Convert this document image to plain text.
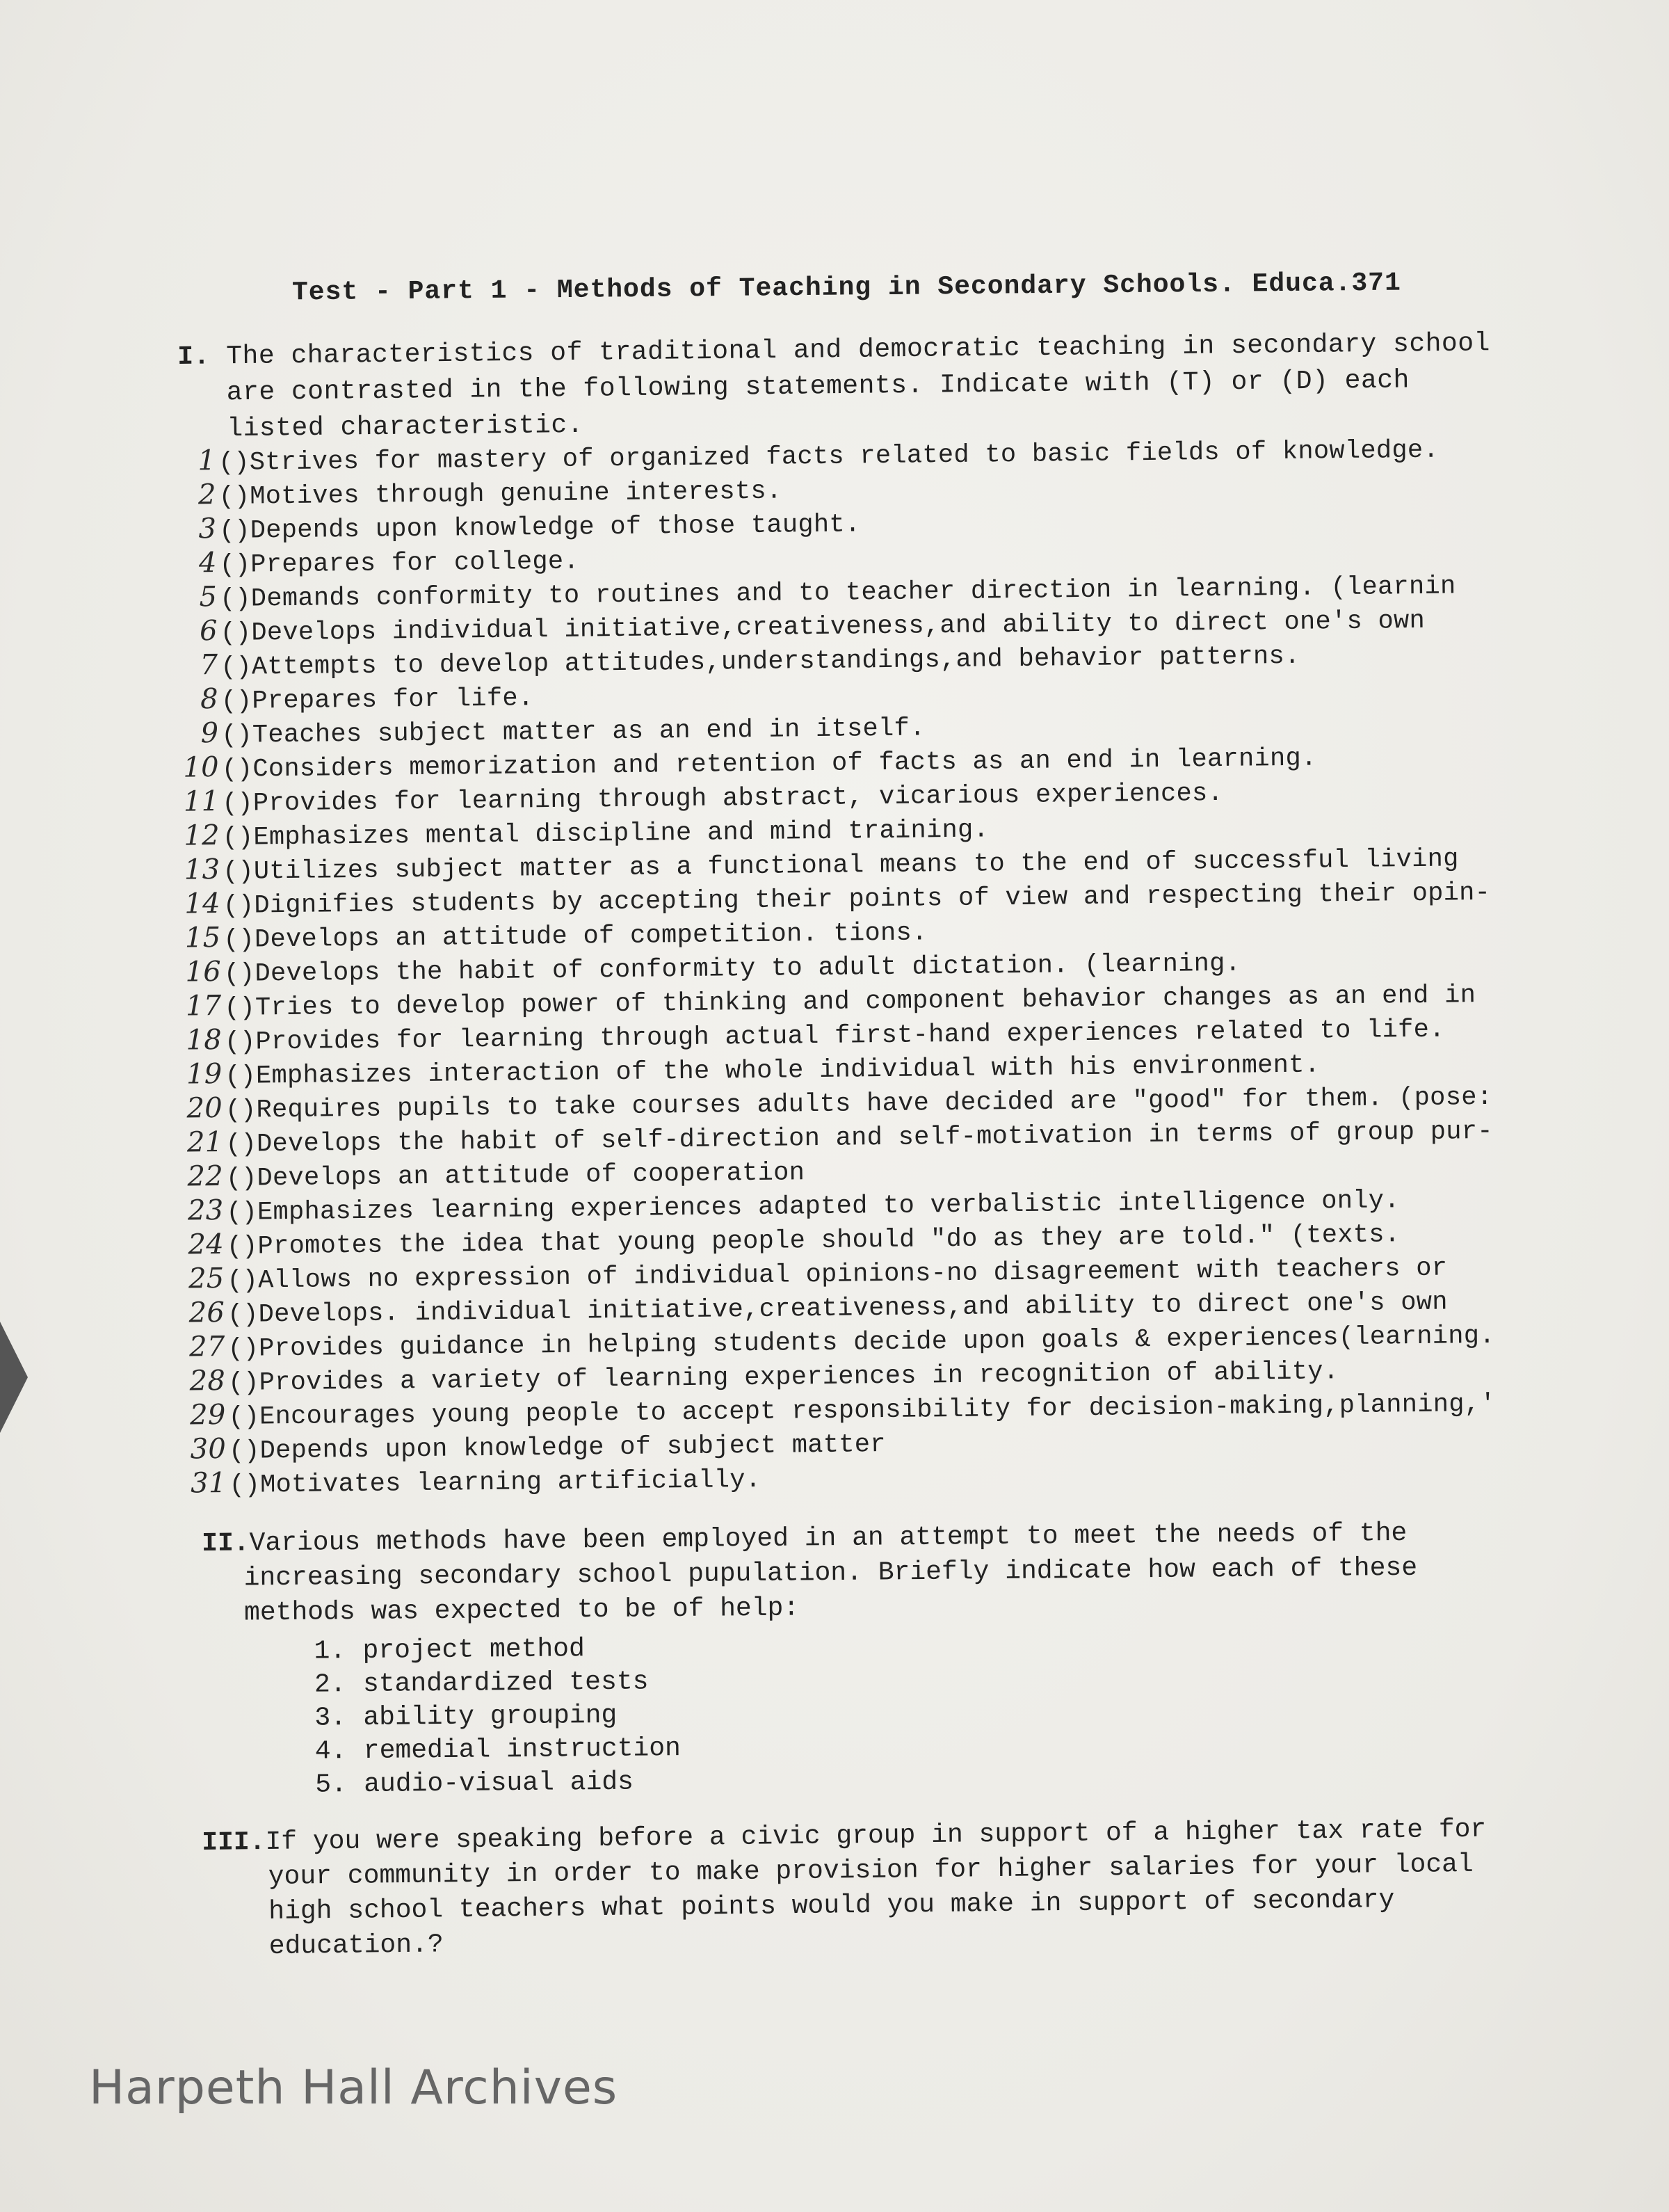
Test - Part 1 - Methods of Teaching in Secondary Schools. Educa.371
I. The characteristics of traditional and democratic teaching in secondary school
are contrasted in the following statements. Indicate with (T) or (D) each
listed characteristic.
1 ( ) Strives for mastery of organized facts related to basic fields of knowledge.
2 ( ) Motives through genuine interests.
3 ( ) Depends upon knowledge of those taught.
4 ( ) Prepares for college.
5 ( ) Demands conformity to routines and to teacher direction in learning. (learnin
6 ( ) Develops individual initiative,creativeness,and ability to direct one's own
7 ( ) Attempts to develop attitudes,understandings,and behavior patterns.
8 ( ) Prepares for life.
9 ( ) Teaches subject matter as an end in itself.
10 ( ) Considers memorization and retention of facts as an end in learning.
11 ( ) Provides for learning through abstract, vicarious experiences.
12 ( ) Emphasizes mental discipline and mind training.
13 ( ) Utilizes subject matter as a functional means to the end of successful living
14 ( ) Dignifies students by accepting their points of view and respecting their opin-
15 ( ) Develops an attitude of competition. tions.
16 ( ) Develops the habit of conformity to adult dictation. (learning.
17 ( ) Tries to develop power of thinking and component behavior changes as an end in
18 ( ) Provides for learning through actual first-hand experiences related to life.
19 ( ) Emphasizes interaction of the whole individual with his environment.
20 ( ) Requires pupils to take courses adults have decided are "good" for them. (pose:
21 ( ) Develops the habit of self-direction and self-motivation in terms of group pur-
22 ( ) Develops an attitude of cooperation
23 ( ) Emphasizes learning experiences adapted to verbalistic intelligence only.
24 ( ) Promotes the idea that young people should "do as they are told." (texts.
25 ( ) Allows no expression of individual opinions-no disagreement with teachers or
26 ( ) Develops. individual initiative,creativeness,and ability to direct one's own
27 ( ) Provides guidance in helping students decide upon goals & experiences(learning.
28 ( ) Provides a variety of learning experiences in recognition of ability.
29 ( ) Encourages young people to accept responsibility for decision-making,planning,'
30 ( ) Depends upon knowledge of subject matter
31 ( ) Motivates learning artificially.
II.Various methods have been employed in an attempt to meet the needs of the
increasing secondary school pupulation. Briefly indicate how each of these
methods was expected to be of help:
1. project method
2. standardized tests
3. ability grouping
4. remedial instruction
5. audio-visual aids
III.If you were speaking before a civic group in support of a higher tax rate for
your community in order to make provision for higher salaries for your local
high school teachers what points would you make in support of secondary
education.?
Harpeth Hall Archives
